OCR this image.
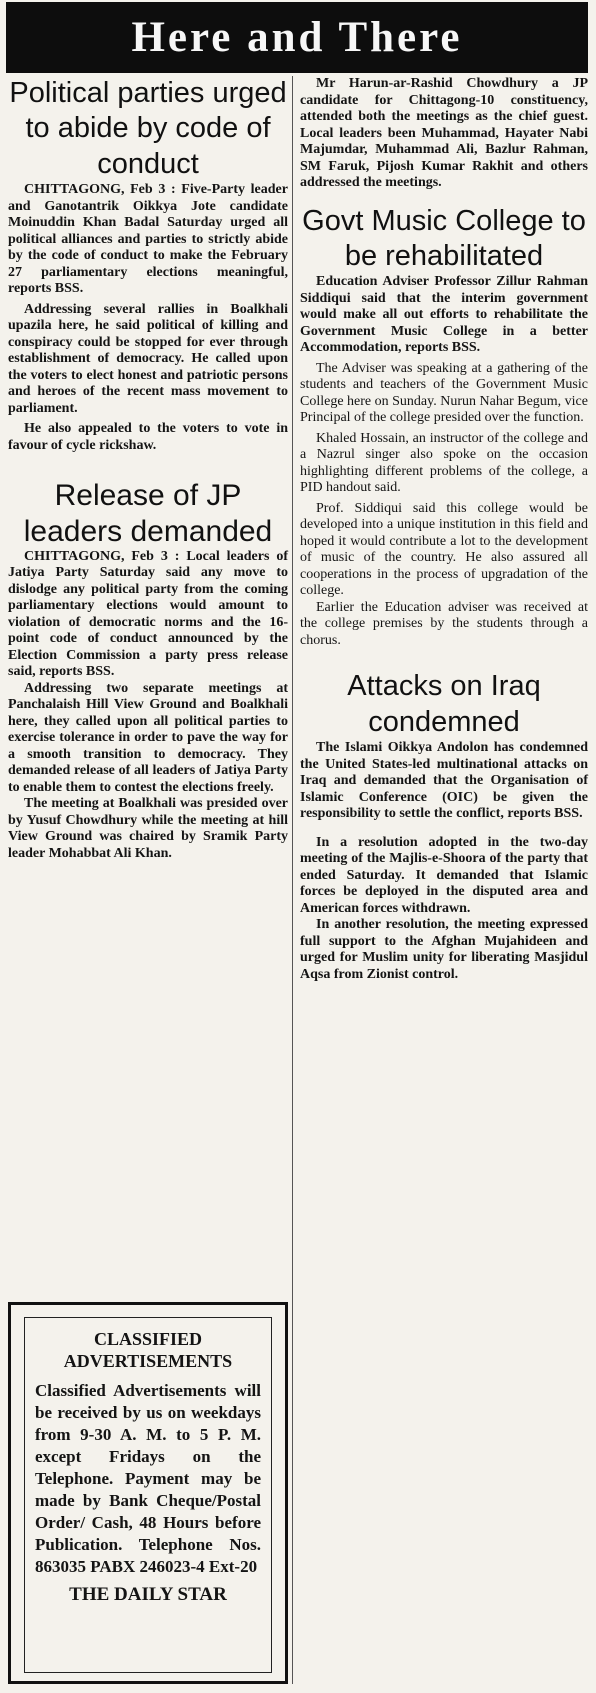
Here and There
Political parties urged to abide by code of conduct

CHITTAGONG, Feb 3 : Five-Party leader and Ganotantrik Oikkya Jote candidate Moinuddin Khan Badal Saturday urged all political alliances and parties to strictly abide by the code of conduct to make the February 27 parliamentary elections meaningful, reports BSS.

Addressing several rallies in Boalkhali upazila here, he said political of killing and conspiracy could be stopped for ever through establishment of democracy. He called upon the voters to elect honest and patriotic persons and heroes of the recent mass movement to parliament.

He also appealed to the voters to vote in favour of cycle rickshaw.

Release of JP leaders demanded

CHITTAGONG, Feb 3 : Local leaders of Jatiya Party Saturday said any move to dislodge any political party from the coming parliamentary elections would amount to violation of democratic norms and the 16-point code of conduct announced by the Election Commission a party press release said, reports BSS.

Addressing two separate meetings at Panchalaish Hill View Ground and Boalkhali here, they called upon all political parties to exercise tolerance in order to pave the way for a smooth transition to democracy. They demanded release of all leaders of Jatiya Party to enable them to contest the elections freely.

The meeting at Boalkhali was presided over by Yusuf Chowdhury while the meeting at hill View Ground was chaired by Sramik Party leader Mohabbat Ali Khan.

Mr Harun-ar-Rashid Chowdhury a JP candidate for Chittagong-10 constituency, attended both the meetings as the chief guest. Local leaders been Muhammad, Hayater Nabi Majumdar, Muhammad Ali, Bazlur Rahman, SM Faruk, Pijosh Kumar Rakhit and others addressed the meetings.

Govt Music College to be rehabilitated

Education Adviser Professor Zillur Rahman Siddiqui said that the interim government would make all out efforts to rehabilitate the Government Music College in a better Accommodation, reports BSS.

The Adviser was speaking at a gathering of the students and teachers of the Government Music College here on Sunday. Nurun Nahar Begum, vice Principal of the college presided over the function.

Khaled Hossain, an instructor of the college and a Nazrul singer also spoke on the occasion highlighting different problems of the college, a PID handout said.

Prof. Siddiqui said this college would be developed into a unique institution in this field and hoped it would contribute a lot to the development of music of the country. He also assured all cooperations in the process of upgradation of the college.

Earlier the Education adviser was received at the college premises by the students through a chorus.

Attacks on Iraq condemned

The Islami Oikkya Andolon has condemned the United States-led multinational attacks on Iraq and demanded that the Organisation of Islamic Conference (OIC) be given the responsibility to settle the conflict, reports BSS.

In a resolution adopted in the two-day meeting of the Majlis-e-Shoora of the party that ended Saturday. It demanded that Islamic forces be deployed in the disputed area and American forces withdrawn.

In another resolution, the meeting expressed full support to the Afghan Mujahideen and urged for Muslim unity for liberating Masjidul Aqsa from Zionist control.

CLASSIFIED

ADVERTISEMENTS

Classified Advertisements will be received by us on weekdays from 9-30 A. M. to 5 P. M. except Fridays on the Telephone. Payment may be made by Bank Cheque/Postal Order/ Cash, 48 Hours before Publication. Telephone Nos. 863035 PABX 246023-4 Ext-20

THE DAILY STAR
